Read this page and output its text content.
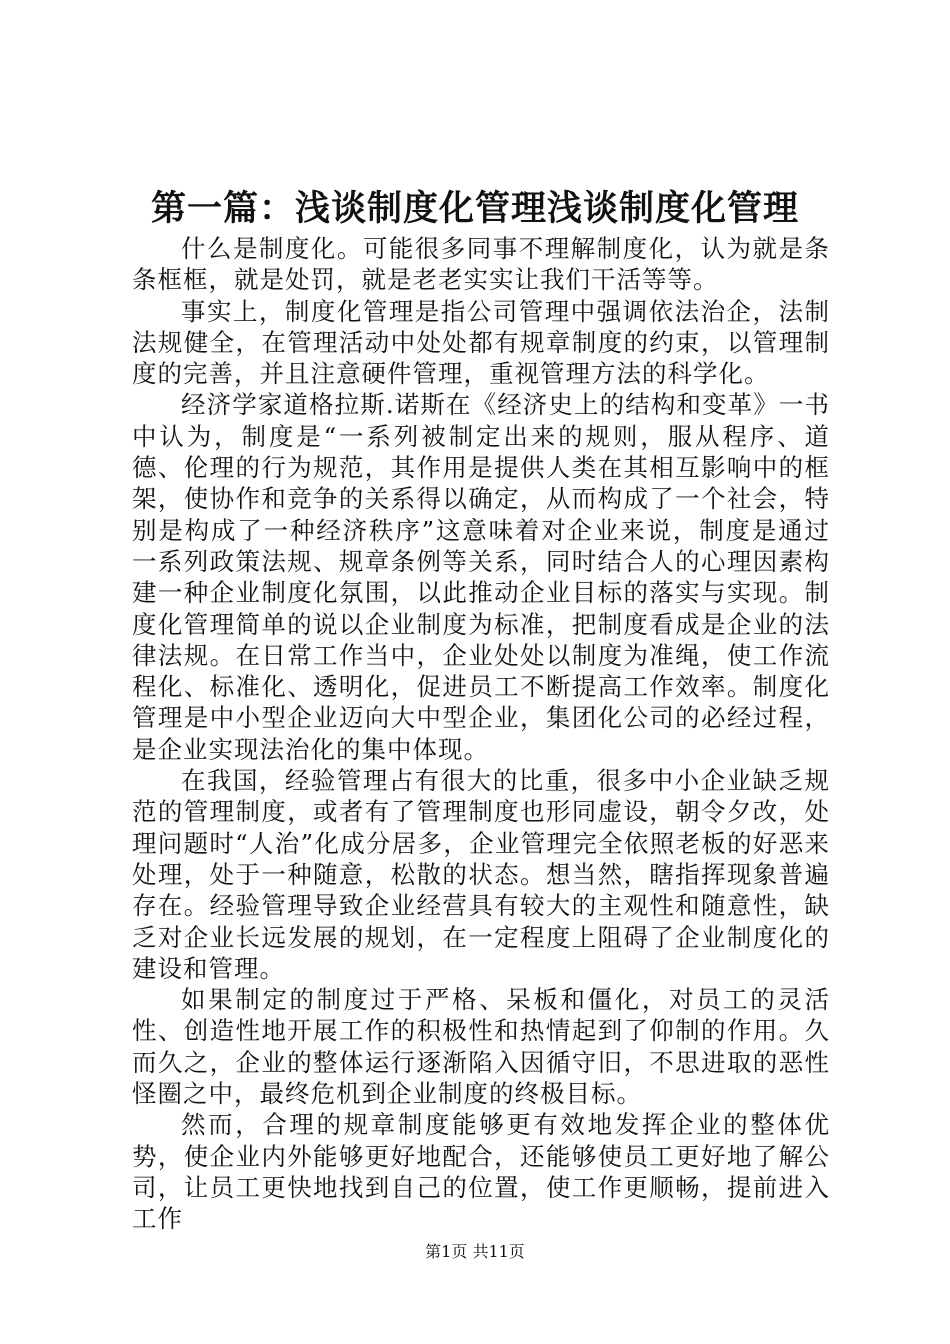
第一篇：浅谈制度化管理浅谈制度化管理

什么是制度化。可能很多同事不理解制度化，认为就是条条框框，就是处罚，就是老老实实让我们干活等等。

事实上，制度化管理是指公司管理中强调依法治企，法制法规健全，在管理活动中处处都有规章制度的约束，以管理制度的完善，并且注意硬件管理，重视管理方法的科学化。

经济学家道格拉斯.诺斯在《经济史上的结构和变革》一书中认为，制度是“一系列被制定出来的规则，服从程序、道德、伦理的行为规范，其作用是提供人类在其相互影响中的框架，使协作和竞争的关系得以确定，从而构成了一个社会，特别是构成了一种经济秩序”这意味着对企业来说，制度是通过一系列政策法规、规章条例等关系，同时结合人的心理因素构建一种企业制度化氛围，以此推动企业目标的落实与实现。制度化管理简单的说以企业制度为标准，把制度看成是企业的法律法规。在日常工作当中，企业处处以制度为准绳，使工作流程化、标准化、透明化，促进员工不断提高工作效率。制度化管理是中小型企业迈向大中型企业，集团化公司的必经过程，是企业实现法治化的集中体现。

在我国，经验管理占有很大的比重，很多中小企业缺乏规范的管理制度，或者有了管理制度也形同虚设，朝令夕改，处理问题时“人治”化成分居多，企业管理完全依照老板的好恶来处理，处于一种随意，松散的状态。想当然，瞎指挥现象普遍存在。经验管理导致企业经营具有较大的主观性和随意性，缺乏对企业长远发展的规划，在一定程度上阻碍了企业制度化的建设和管理。

如果制定的制度过于严格、呆板和僵化，对员工的灵活性、创造性地开展工作的积极性和热情起到了仰制的作用。久而久之，企业的整体运行逐渐陷入因循守旧，不思进取的恶性怪圈之中，最终危机到企业制度的终极目标。

然而，合理的规章制度能够更有效地发挥企业的整体优势，使企业内外能够更好地配合，还能够使员工更好地了解公司，让员工更快地找到自己的位置，使工作更顺畅，提前进入工作

第1页 共11页
